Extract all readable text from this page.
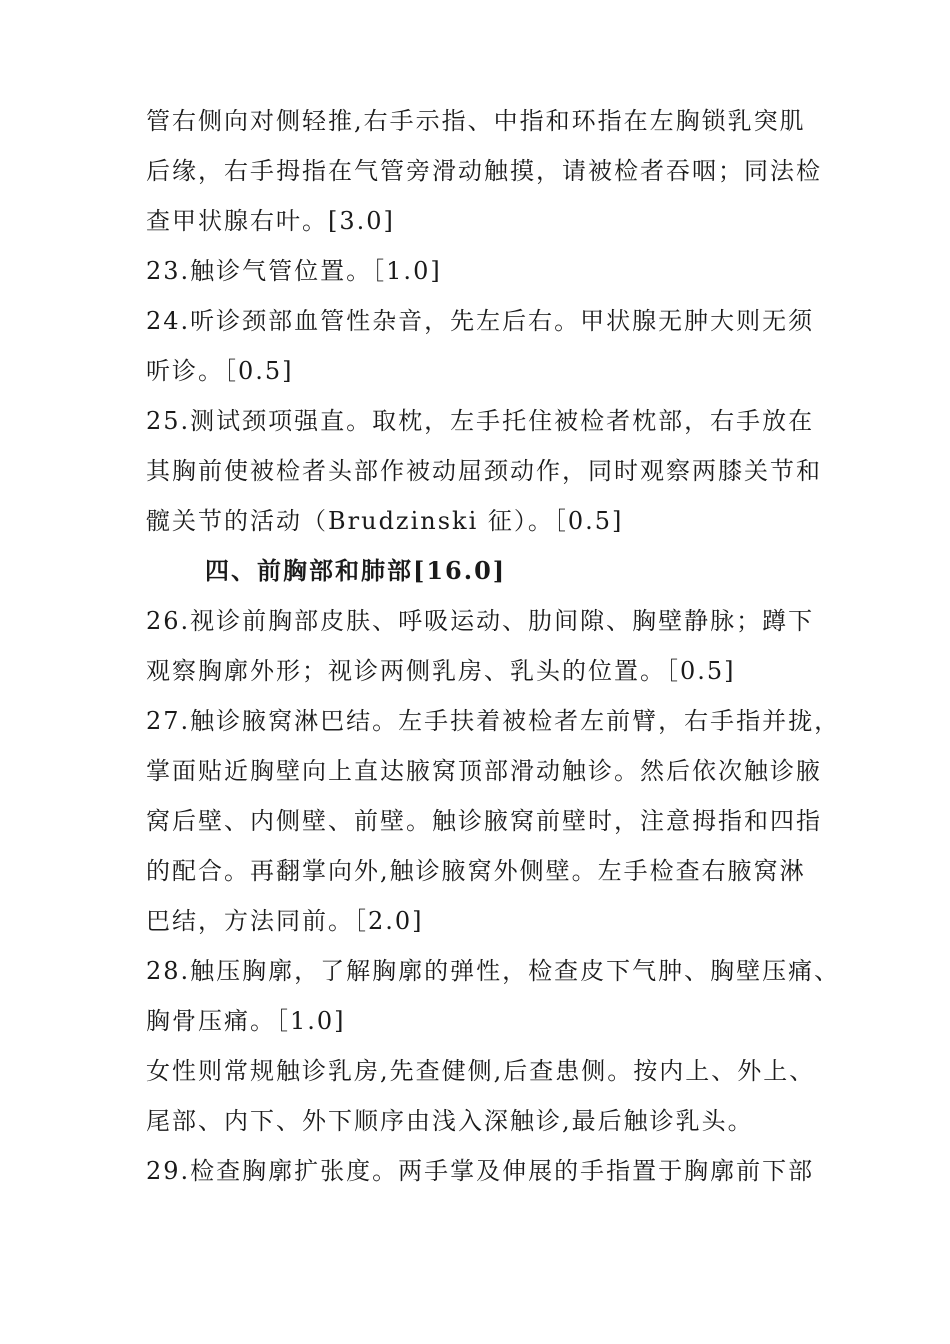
管右侧向对侧轻推,右手示指、中指和环指在左胸锁乳突肌
后缘，右手拇指在气管旁滑动触摸，请被检者吞咽；同法检
查甲状腺右叶。[3.0]
23.触诊气管位置。［1.0]
24.听诊颈部血管性杂音，先左后右。甲状腺无肿大则无须
听诊。［0.5]
25.测试颈项强直。取枕，左手托住被检者枕部，右手放在
其胸前使被检者头部作被动屈颈动作，同时观察两膝关节和
髋关节的活动（Brudzinski 征）。［0.5]
四、前胸部和肺部[16.0]
26.视诊前胸部皮肤、呼吸运动、肋间隙、胸壁静脉；蹲下
观察胸廓外形；视诊两侧乳房、乳头的位置。［0.5]
27.触诊腋窝淋巴结。左手扶着被检者左前臂，右手指并拢，
掌面贴近胸壁向上直达腋窝顶部滑动触诊。然后依次触诊腋
窝后壁、内侧壁、前壁。触诊腋窝前壁时，注意拇指和四指
的配合。再翻掌向外,触诊腋窝外侧壁。左手检查右腋窝淋
巴结，方法同前。［2.0]
28.触压胸廓，了解胸廓的弹性，检查皮下气肿、胸壁压痛、
胸骨压痛。［1.0]
女性则常规触诊乳房,先查健侧,后查患侧。按内上、外上、
尾部、内下、外下顺序由浅入深触诊,最后触诊乳头。
29.检查胸廓扩张度。两手掌及伸展的手指置于胸廓前下部
